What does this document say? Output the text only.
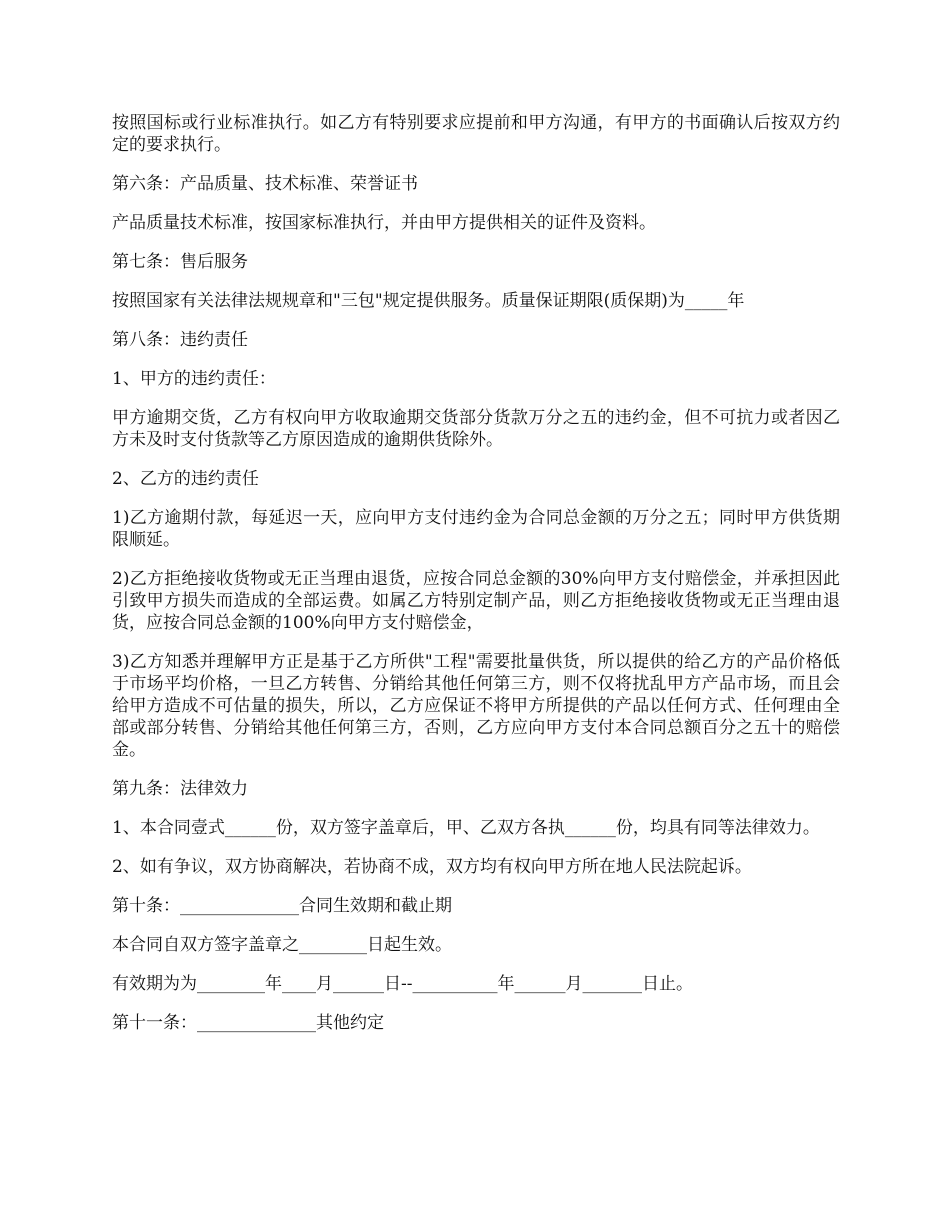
按照国标或行业标准执行。如乙方有特别要求应提前和甲方沟通，有甲方的书面确认后按双方约定的要求执行。

第六条：产品质量、技术标准、荣誉证书

产品质量技术标准，按国家标准执行，并由甲方提供相关的证件及资料。

第七条：售后服务

按照国家有关法律法规规章和"三包"规定提供服务。质量保证期限(质保期)为_____年

第八条：违约责任

1、甲方的违约责任：

甲方逾期交货，乙方有权向甲方收取逾期交货部分货款万分之五的违约金，但不可抗力或者因乙方未及时支付货款等乙方原因造成的逾期供货除外。

2、乙方的违约责任

1)乙方逾期付款，每延迟一天，应向甲方支付违约金为合同总金额的万分之五；同时甲方供货期限顺延。

2)乙方拒绝接收货物或无正当理由退货，应按合同总金额的30%向甲方支付赔偿金，并承担因此引致甲方损失而造成的全部运费。如属乙方特别定制产品，则乙方拒绝接收货物或无正当理由退货，应按合同总金额的100%向甲方支付赔偿金，

3)乙方知悉并理解甲方正是基于乙方所供"工程"需要批量供货，所以提供的给乙方的产品价格低于市场平均价格，一旦乙方转售、分销给其他任何第三方，则不仅将扰乱甲方产品市场，而且会给甲方造成不可估量的损失，所以，乙方应保证不将甲方所提供的产品以任何方式、任何理由全部或部分转售、分销给其他任何第三方，否则，乙方应向甲方支付本合同总额百分之五十的赔偿金。

第九条：法律效力

1、本合同壹式______份，双方签字盖章后，甲、乙双方各执______份，均具有同等法律效力。

2、如有争议，双方协商解决，若协商不成，双方均有权向甲方所在地人民法院起诉。

第十条：______________合同生效期和截止期

本合同自双方签字盖章之________日起生效。

有效期为为________年____月______日--__________年______月_______日止。

第十一条：______________其他约定
